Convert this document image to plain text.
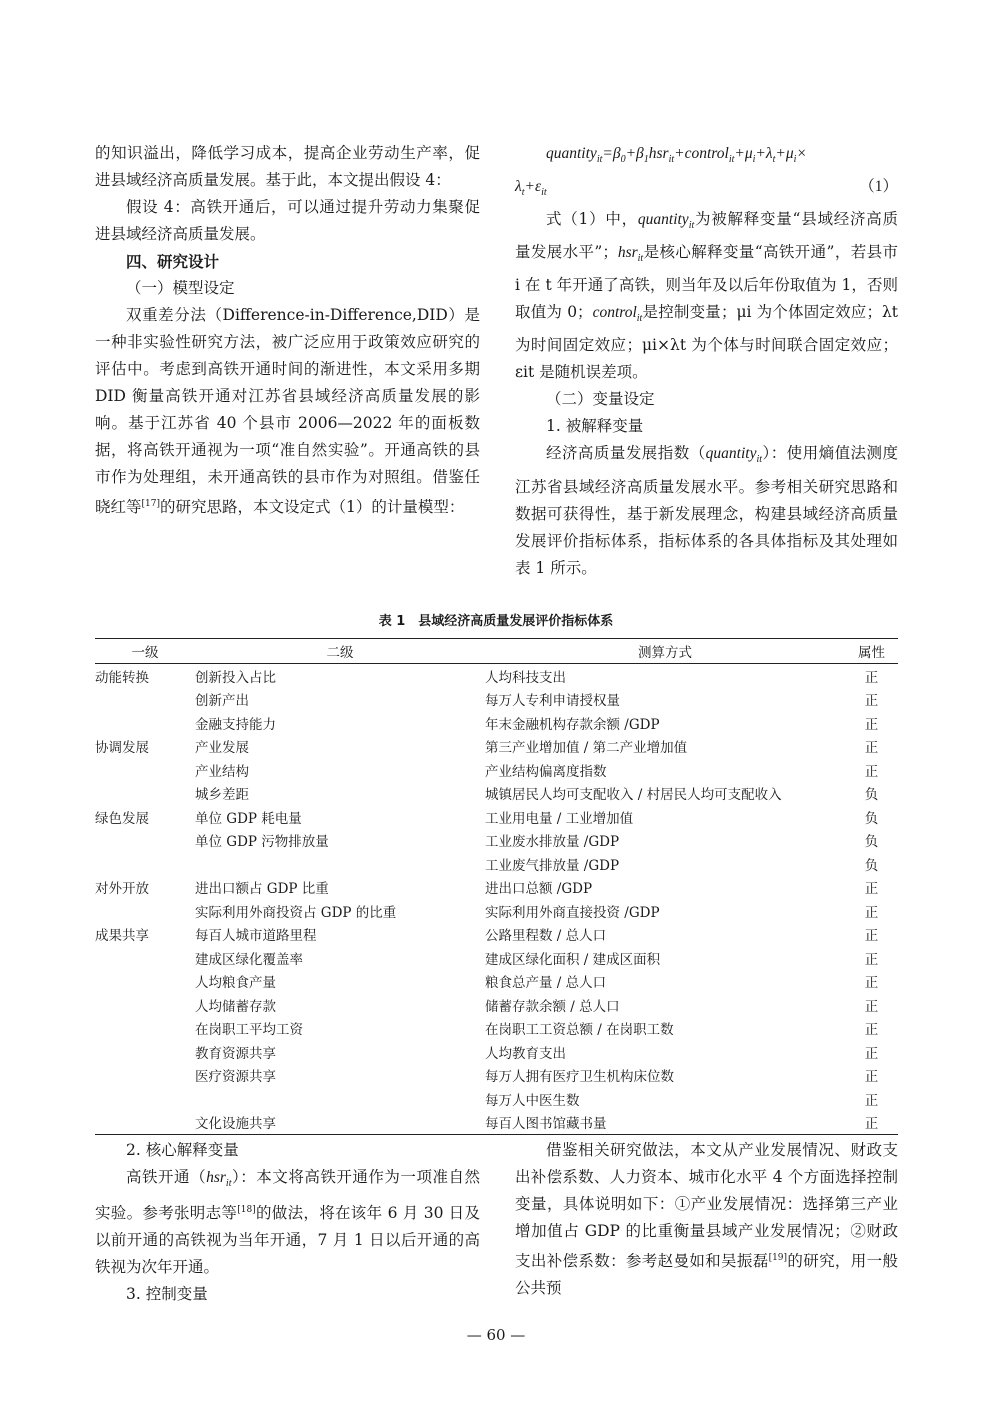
的知识溢出，降低学习成本，提高企业劳动生产率，促进县域经济高质量发展。基于此，本文提出假设 4：

假设 4：高铁开通后，可以通过提升劳动力集聚促进县域经济高质量发展。

四、研究设计

（一）模型设定

双重差分法（Difference-in-Difference,DID）是一种非实验性研究方法，被广泛应用于政策效应研究的评估中。考虑到高铁开通时间的渐进性，本文采用多期 DID 衡量高铁开通对江苏省县域经济高质量发展的影响。基于江苏省 40 个县市 2006—2022 年的面板数据，将高铁开通视为一项“准自然实验”。开通高铁的县市作为处理组，未开通高铁的县市作为对照组。借鉴任晓红等[17]的研究思路，本文设定式（1）的计量模型：

$quantity_{it}=\beta_0+\beta_1hsr_{it}+control_{it}+\mu_i+\lambda_t+\mu_i\times$

$\lambda_t+\varepsilon_{it}$	（1）

式（1）中，quantity$_{it}$为被解释变量“县域经济高质量发展水平”；hsr$_{it}$是核心解释变量“高铁开通”，若县市 i 在 t 年开通了高铁，则当年及以后年份取值为 1，否则取值为 0；control$_{it}$是控制变量；μi 为个体固定效应；λt 为时间固定效应；μi×λt 为个体与时间联合固定效应；εit 是随机误差项。

（二）变量设定

1. 被解释变量

经济高质量发展指数（quantity$_{it}$）：使用熵值法测度江苏省县域经济高质量发展水平。参考相关研究思路和数据可获得性，基于新发展理念，构建县域经济高质量发展评价指标体系，指标体系的各具体指标及其处理如表 1 所示。

表 1　县域经济高质量发展评价指标体系
一级	二级	测算方式	属性
动能转换	创新投入占比	人均科技支出	正
	创新产出	每万人专利申请授权量	正
	金融支持能力	年末金融机构存款余额 /GDP	正
协调发展	产业发展	第三产业增加值 / 第二产业增加值	正
	产业结构	产业结构偏离度指数	正
	城乡差距	城镇居民人均可支配收入 / 村居民人均可支配收入	负
绿色发展	单位 GDP 耗电量	工业用电量 / 工业增加值	负
	单位 GDP 污物排放量	工业废水排放量 /GDP	负
		工业废气排放量 /GDP	负
对外开放	进出口额占 GDP 比重	进出口总额 /GDP	正
	实际利用外商投资占 GDP 的比重	实际利用外商直接投资 /GDP	正
成果共享	每百人城市道路里程	公路里程数 / 总人口	正
	建成区绿化覆盖率	建成区绿化面积 / 建成区面积	正
	人均粮食产量	粮食总产量 / 总人口	正
	人均储蓄存款	储蓄存款余额 / 总人口	正
	在岗职工平均工资	在岗职工工资总额 / 在岗职工数	正
	教育资源共享	人均教育支出	正
	医疗资源共享	每万人拥有医疗卫生机构床位数	正
		每万人中医生数	正
	文化设施共享	每百人图书馆藏书量	正

2. 核心解释变量

高铁开通（hsr$_{it}$）：本文将高铁开通作为一项准自然实验。参考张明志等[18]的做法，将在该年 6 月 30 日及以前开通的高铁视为当年开通，7 月 1 日以后开通的高铁视为次年开通。

3. 控制变量

借鉴相关研究做法，本文从产业发展情况、财政支出补偿系数、人力资本、城市化水平 4 个方面选择控制变量，具体说明如下：①产业发展情况：选择第三产业增加值占 GDP 的比重衡量县域产业发展情况；②财政支出补偿系数：参考赵曼如和吴振磊[19]的研究，用一般公共预

— 60 —
